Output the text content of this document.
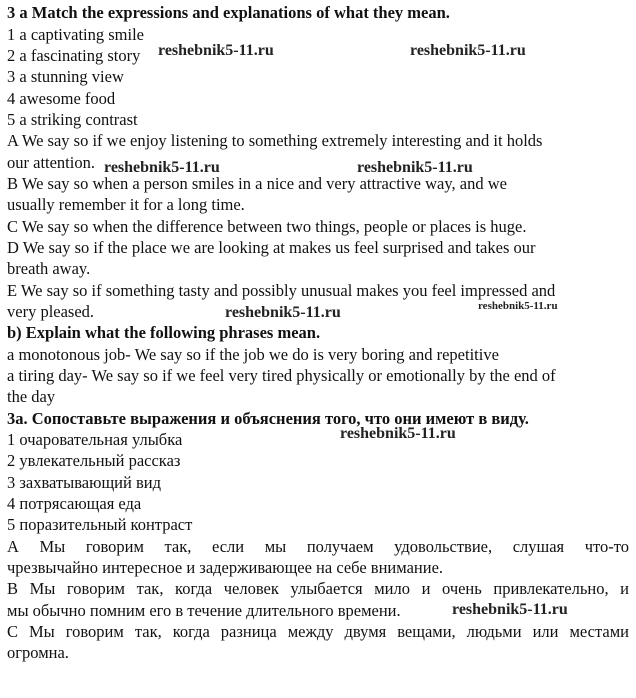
3 a Match the expressions and explanations of what they mean.
1 a captivating smile
2 a fascinating story
3 a stunning view
4 awesome food
5 a striking contrast
A We say so if we enjoy listening to something extremely interesting and it holds
our attention.
B We say so when a person smiles in a nice and very attractive way, and we
usually remember it for a long time.
C We say so when the difference between two things, people or places is huge.
D We say so if the place we are looking at makes us feel surprised and takes our
breath away.
E We say so if something tasty and possibly unusual makes you feel impressed and
very pleased.
b) Explain what the following phrases mean.
a monotonous job- We say so if the job we do is very boring and repetitive
a tiring day- We say so if we feel very tired physically or emotionally by the end of
the day
3а. Сопоставьте выражения и объяснения того, что они имеют в виду.
1 очаровательная улыбка
2 увлекательный рассказ
3 захватывающий вид
4 потрясающая еда
5 поразительный контраст
А Мы говорим так, если мы получаем удовольствие, слушая что-то
чрезвычайно интересное и задерживающее на себе внимание.
В Мы говорим так, когда человек улыбается мило и очень привлекательно, и
мы обычно помним его в течение длительного времени.
С Мы говорим так, когда разница между двумя вещами, людьми или местами
огромна.
reshebnik5-11.ru	reshebnik5-11.ru
reshebnik5-11.ru	reshebnik5-11.ru
reshebnik5-11.ru	reshebnik5-11.ru
reshebnik5-11.ru
reshebnik5-11.ru
